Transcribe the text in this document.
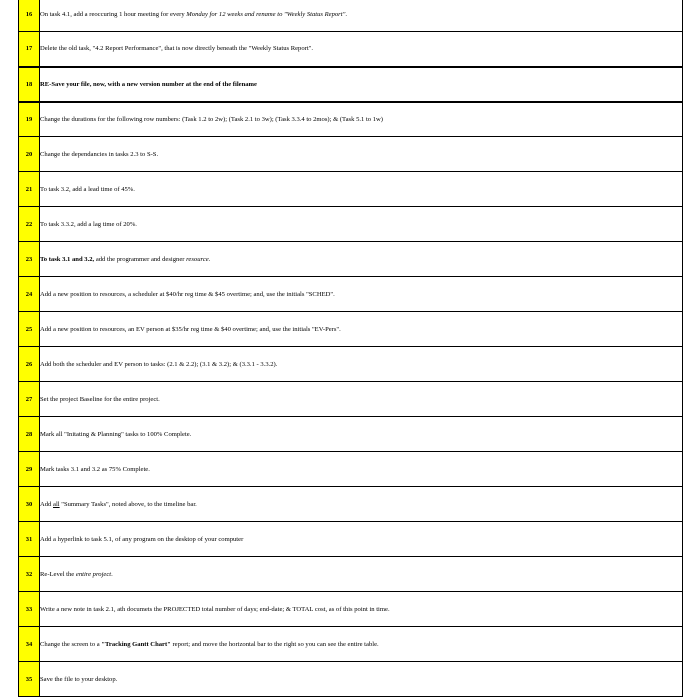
16	On task 4.1, add a reoccuring 1 hour meeting for every Monday for 12 weeks and rename to "Weekly Status Report".
17	Delete the old task, "4.2 Report Performance", that is now directly beneath the "Weekly Status Report".
18	RE-Save your file, now, with a new version number at the end of the filename
19	Change the durations for the following row numbers: (Task 1.2 to 2w); (Task 2.1 to 3w); (Task 3.3.4 to 2mos); & (Task 5.1 to 1w)
20	Change the dependancies in tasks 2.3 to S-S.
21	To task 3.2, add a lead time of 45%.
22	To task 3.3.2, add a lag time of 20%.
23	To task 3.1 and 3.2, add the programmer and designer resource.
24	Add a new position to resources, a scheduler at $40/hr reg time & $45 overtime; and, use the initials "SCHED".
25	Add a new position to resources, an EV person at $35/hr reg time & $40 overtime; and, use the initials "EV-Pers".
26	Add both the scheduler and EV person to tasks: (2.1 & 2.2); (3.1 & 3.2); & (3.3.1 - 3.3.2).
27	Set the project Baseline for the entire project.
28	Mark all "Initating & Planning" tasks to 100% Complete.
29	Mark tasks 3.1 and 3.2 as 75% Complete.
30	Add all "Summary Tasks", noted above, to the timeline bar.
31	Add a hyperlink to task 5.1, of any program on the desktop of your computer
32	Re-Level the entire project.
33	Write a new note in task 2.1, ath documets the PROJECTED total number of days; end-date; & TOTAL cost, as of this point in time.
34	Change the screen to a "Tracking Gantt Chart" report; and move the horizontal bar to the right so you can see the entire table.
35	Save the file to your desktop.
